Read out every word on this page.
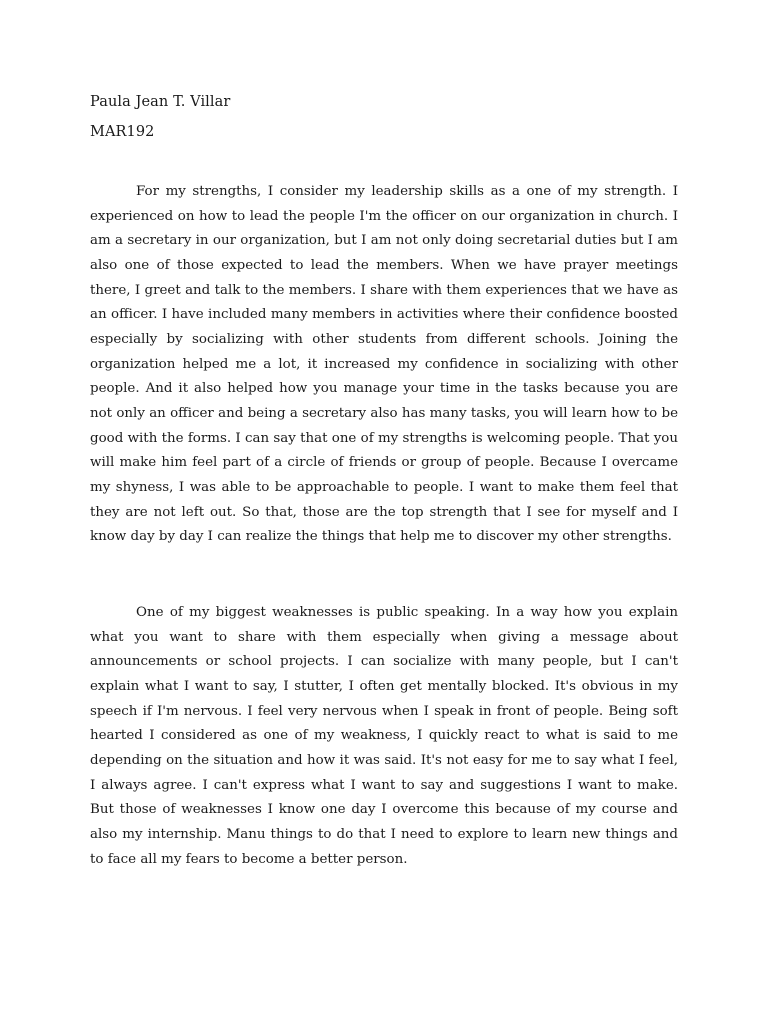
Paula Jean T. Villar
MAR192

For my strengths, I consider my leadership skills as a one of my strength. I experienced on how to lead the people I'm the officer on our organization in church. I am a secretary in our organization, but I am not only doing secretarial duties but I am also one of those expected to lead the members. When we have prayer meetings there, I greet and talk to the members. I share with them experiences that we have as an officer. I have included many members in activities where their confidence boosted especially by socializing with other students from different schools. Joining the organization helped me a lot, it increased my confidence in socializing with other people. And it also helped how you manage your time in the tasks because you are not only an officer and being a secretary also has many tasks, you will learn how to be good with the forms. I can say that one of my strengths is welcoming people. That you will make him feel part of a circle of friends or group of people. Because I overcame my shyness, I was able to be approachable to people. I want to make them feel that they are not left out. So that, those are the top strength that I see for myself and I know day by day I can realize the things that help me to discover my other strengths.

One of my biggest weaknesses is public speaking. In a way how you explain what you want to share with them especially when giving a message about announcements or school projects. I can socialize with many people, but I can't explain what I want to say, I stutter, I often get mentally blocked. It's obvious in my speech if I'm nervous. I feel very nervous when I speak in front of people. Being soft hearted I considered as one of my weakness, I quickly react to what is said to me depending on the situation and how it was said. It's not easy for me to say what I feel, I always agree. I can't express what I want to say and suggestions I want to make. But those of weaknesses I know one day I overcome this because of my course and also my internship. Manu things to do that I need to explore to learn new things and to face all my fears to become a better person.
